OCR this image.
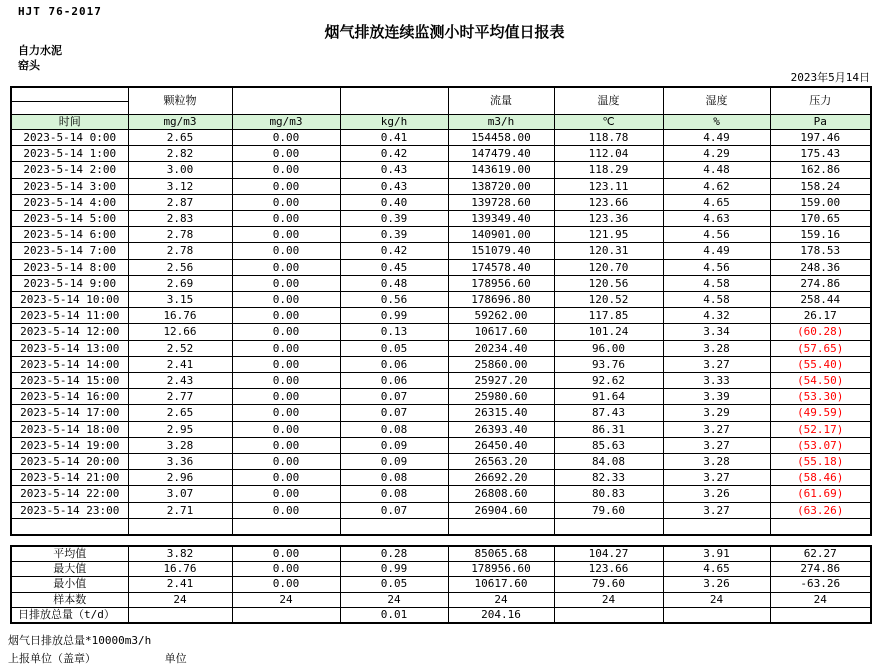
HJT 76-2017
烟气排放连续监测小时平均值日报表
自力水泥
窑头
2023年5月14日
	颗粒物			流量	温度	湿度	压力

时间	mg/m3	mg/m3	kg/h	m3/h	℃	%	Pa
2023-5-14 0:00	2.65	0.00	0.41	154458.00	118.78	4.49	197.46
2023-5-14 1:00	2.82	0.00	0.42	147479.40	112.04	4.29	175.43
2023-5-14 2:00	3.00	0.00	0.43	143619.00	118.29	4.48	162.86
2023-5-14 3:00	3.12	0.00	0.43	138720.00	123.11	4.62	158.24
2023-5-14 4:00	2.87	0.00	0.40	139728.60	123.66	4.65	159.00
2023-5-14 5:00	2.83	0.00	0.39	139349.40	123.36	4.63	170.65
2023-5-14 6:00	2.78	0.00	0.39	140901.00	121.95	4.56	159.16
2023-5-14 7:00	2.78	0.00	0.42	151079.40	120.31	4.49	178.53
2023-5-14 8:00	2.56	0.00	0.45	174578.40	120.70	4.56	248.36
2023-5-14 9:00	2.69	0.00	0.48	178956.60	120.56	4.58	274.86
2023-5-14 10:00	3.15	0.00	0.56	178696.80	120.52	4.58	258.44
2023-5-14 11:00	16.76	0.00	0.99	59262.00	117.85	4.32	26.17
2023-5-14 12:00	12.66	0.00	0.13	10617.60	101.24	3.34	(60.28)
2023-5-14 13:00	2.52	0.00	0.05	20234.40	96.00	3.28	(57.65)
2023-5-14 14:00	2.41	0.00	0.06	25860.00	93.76	3.27	(55.40)
2023-5-14 15:00	2.43	0.00	0.06	25927.20	92.62	3.33	(54.50)
2023-5-14 16:00	2.77	0.00	0.07	25980.60	91.64	3.39	(53.30)
2023-5-14 17:00	2.65	0.00	0.07	26315.40	87.43	3.29	(49.59)
2023-5-14 18:00	2.95	0.00	0.08	26393.40	86.31	3.27	(52.17)
2023-5-14 19:00	3.28	0.00	0.09	26450.40	85.63	3.27	(53.07)
2023-5-14 20:00	3.36	0.00	0.09	26563.20	84.08	3.28	(55.18)
2023-5-14 21:00	2.96	0.00	0.08	26692.20	82.33	3.27	(58.46)
2023-5-14 22:00	3.07	0.00	0.08	26808.60	80.83	3.26	(61.69)
2023-5-14 23:00	2.71	0.00	0.07	26904.60	79.60	3.27	(63.26)

平均值	3.82	0.00	0.28	85065.68	104.27	3.91	62.27
最大值	16.76	0.00	0.99	178956.60	123.66	4.65	274.86
最小值	2.41	0.00	0.05	10617.60	79.60	3.26	-63.26
样本数	24	24	24	24	24	24	24
日排放总量（t/d）			0.01	204.16			
烟气日排放总量*10000m3/h
上报单位（盖章）	单位
